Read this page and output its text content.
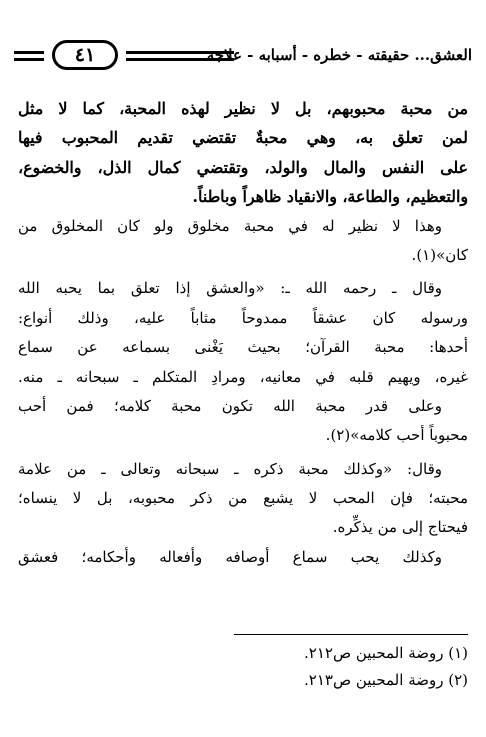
العشق... حقيقته - خطره - أسبابه - علاجه
٤١
من محبة محبوبهم، بل لا نظير لهذه المحبة، كما لا مثل
لمن تعلق به، وهي محبةٌ تقتضي تقديم المحبوب فيها
على النفس والمال والولد، وتقتضي كمال الذل، والخضوع،
والتعظيم، والطاعة، والانقياد ظاهراً وباطناً.
وهذا لا نظير له في محبة مخلوق ولو كان المخلوق من
كان»(١).
وقال ـ رحمه الله ـ: «والعشق إذا تعلق بما يحبه الله
ورسوله كان عشقاً ممدوحاً مثاباً عليه، وذلك أنواع:
أحدها: محبة القرآن؛ بحيث يَغْنى بسماعه عن سماع
غيره، ويهيم قلبه في معانيه، ومرادِ المتكلم ـ سبحانه ـ منه.
وعلى قدر محبة الله تكون محبة كلامه؛ فمن أحب
محبوباً أحب كلامه»(٢).
وقال: «وكذلك محبة ذكره ـ سبحانه وتعالى ـ من علامة
محبته؛ فإن المحب لا يشبع من ذكر محبوبه، بل لا ينساه؛
فيحتاج إلى من يذكِّره.
وكذلك يحب سماع أوصافه وأفعاله وأحكامه؛ فعشق
(١) روضة المحبين ص٢١٢.
(٢) روضة المحبين ص٢١٣.
